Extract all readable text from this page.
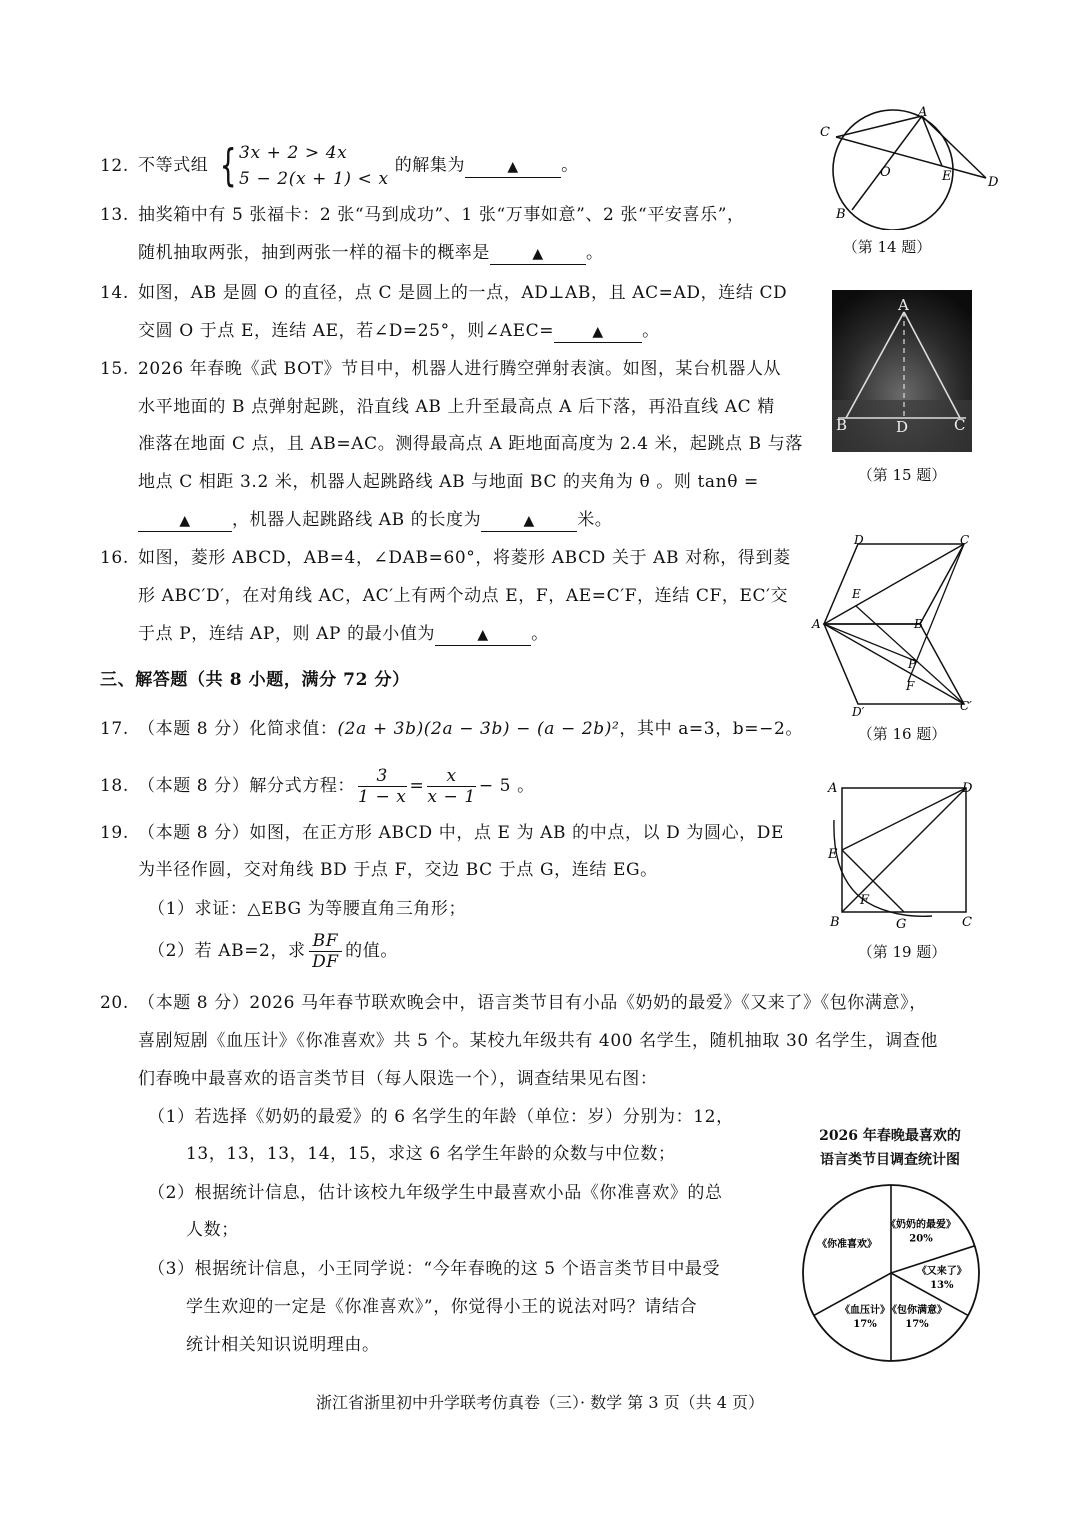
12. 不等式组 { 3x + 2 > 4x
5 − 2(x + 1) < x
的解集为	▲ 。
13. 抽奖箱中有 5 张福卡：2 张“马到成功”、1 张“万事如意”、2 张“平安喜乐”，
随机抽取两张，抽到两张一样的福卡的概率是	▲ 。
14. 如图，AB 是圆 O 的直径，点 C 是圆上的一点，AD⊥AB，且 AC=AD，连结 CD
交圆 O 于点 E，连结 AE，若∠D=25°，则∠AEC=	▲ 。
15. 2026 年春晚《武 BOT》节目中，机器人进行腾空弹射表演。如图，某台机器人从
水平地面的 B 点弹射起跳，沿直线 AB 上升至最高点 A 后下落，再沿直线 AC 精
准落在地面 C 点，且 AB=AC。测得最高点 A 距地面高度为 2.4 米，起跳点 B 与落
地点 C 相距 3.2 米，机器人起跳路线 AB 与地面 BC 的夹角为 θ 。则 tanθ =
▲ ，机器人起跳路线 AB 的长度为	▲ 米。
16. 如图，菱形 ABCD，AB=4，∠DAB=60°，将菱形 ABCD 关于 AB 对称，得到菱
形 ABC′D′，在对角线 AC，AC′上有两个动点 E，F，AE=C′F，连结 CF，EC′交
于点 P，连结 AP，则 AP 的最小值为	▲ 。
三、解答题（共 8 小题，满分 72 分）
17. （本题 8 分）化简求值：(2a + 3b)(2a − 3b) − (a − 2b)²，其中 a=3，b=−2。
18. （本题 8 分）解分式方程： $\frac{3}{1 - x} = \frac{x}{x - 1} - 5$ 。
19. （本题 8 分）如图，在正方形 ABCD 中，点 E 为 AB 的中点，以 D 为圆心，DE
为半径作圆，交对角线 BD 于点 F，交边 BC 于点 G，连结 EG。
（1）求证：△EBG 为等腰直角三角形；
（2）若 AB=2，求 $\frac{BF}{DF}$ 的值。
20. （本题 8 分）2026 马年春节联欢晚会中，语言类节目有小品《奶奶的最爱》《又来了》《包你满意》，
喜剧短剧《血压计》《你准喜欢》共 5 个。某校九年级共有 400 名学生，随机抽取 30 名学生，调查他
们春晚中最喜欢的语言类节目（每人限选一个），调查结果见右图：
（1）若选择《奶奶的最爱》的 6 名学生的年龄（单位：岁）分别为：12，
13，13，13，14，15，求这 6 名学生年龄的众数与中位数；
（2）根据统计信息，估计该校九年级学生中最喜欢小品《你准喜欢》的总
人数；
（3）根据统计信息，小王同学说：“今年春晚的这 5 个语言类节目中最受
学生欢迎的一定是《你准喜欢》”，你觉得小王的说法对吗？请结合
统计相关知识说明理由。
A
C
O	E	D
B
（第 14 题）
A
B	D	C
（第 15 题）
A
D	C
E
B
P
F
D′	C′
（第 16 题）
A	D
E
F
B	G	C
（第 19 题）
2026 年春晚最喜欢的
语言类节目调查统计图
《奶奶的最爱》
20%
《又来了》
13%
《包你满意》
17%
《血压计》
17%
《你准喜欢》
浙江省浙里初中升学联考仿真卷（三）· 数学 第 3 页（共 4 页）
